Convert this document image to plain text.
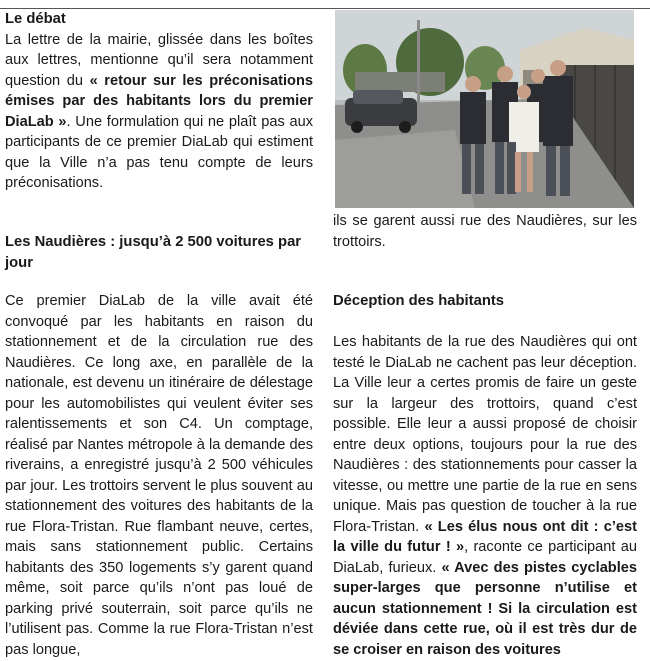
Le débat

La lettre de la mairie, glissée dans les boîtes aux lettres, mentionne qu’il sera notamment question du « retour sur les préconisations émises par des habitants lors du premier DiaLab ». Une formulation qui ne plaît pas aux participants de ce premier DiaLab qui estiment que la Ville n’a pas tenu compte de leurs préconisations.

Les Naudières : jusqu’à 2 500 voitures par jour

Ce premier DiaLab de la ville avait été convoqué par les habitants en raison du stationnement et de la circulation rue des Naudières. Ce long axe, en parallèle de la nationale, est devenu un itinéraire de délestage pour les automobilistes qui veulent éviter ses ralentissements et son C4. Un comptage, réalisé par Nantes métropole à la demande des riverains, a enregistré jusqu’à 2 500 véhicules par jour. Les trottoirs servent le plus souvent au stationnement des voitures des habitants de la rue Flora-Tristan. Rue flambant neuve, certes, mais sans stationnement public. Certains habitants des 350 logements s’y garent quand même, soit parce qu’ils n’ont pas loué de parking privé souterrain, soit parce qu’ils ne l’utilisent pas. Comme la rue Flora-Tristan n’est pas longue,

ils se garent aussi rue des Naudières, sur les trottoirs.

Déception des habitants

Les habitants de la rue des Naudières qui ont testé le DiaLab ne cachent pas leur déception. La Ville leur a certes promis de faire un geste sur la largeur des trottoirs, quand c’est possible. Elle leur a aussi proposé de choisir entre deux options, toujours pour la rue des Naudières : des stationnements pour casser la vitesse, ou mettre une partie de la rue en sens unique. Mais pas question de toucher à la rue Flora-Tristan. « Les élus nous ont dit : c’est la ville du futur ! », raconte ce participant au DiaLab, furieux. « Avec des pistes cyclables super-larges que personne n’utilise et aucun stationnement ! Si la circulation est déviée dans cette rue, où il est très dur de se croiser en raison des voitures
